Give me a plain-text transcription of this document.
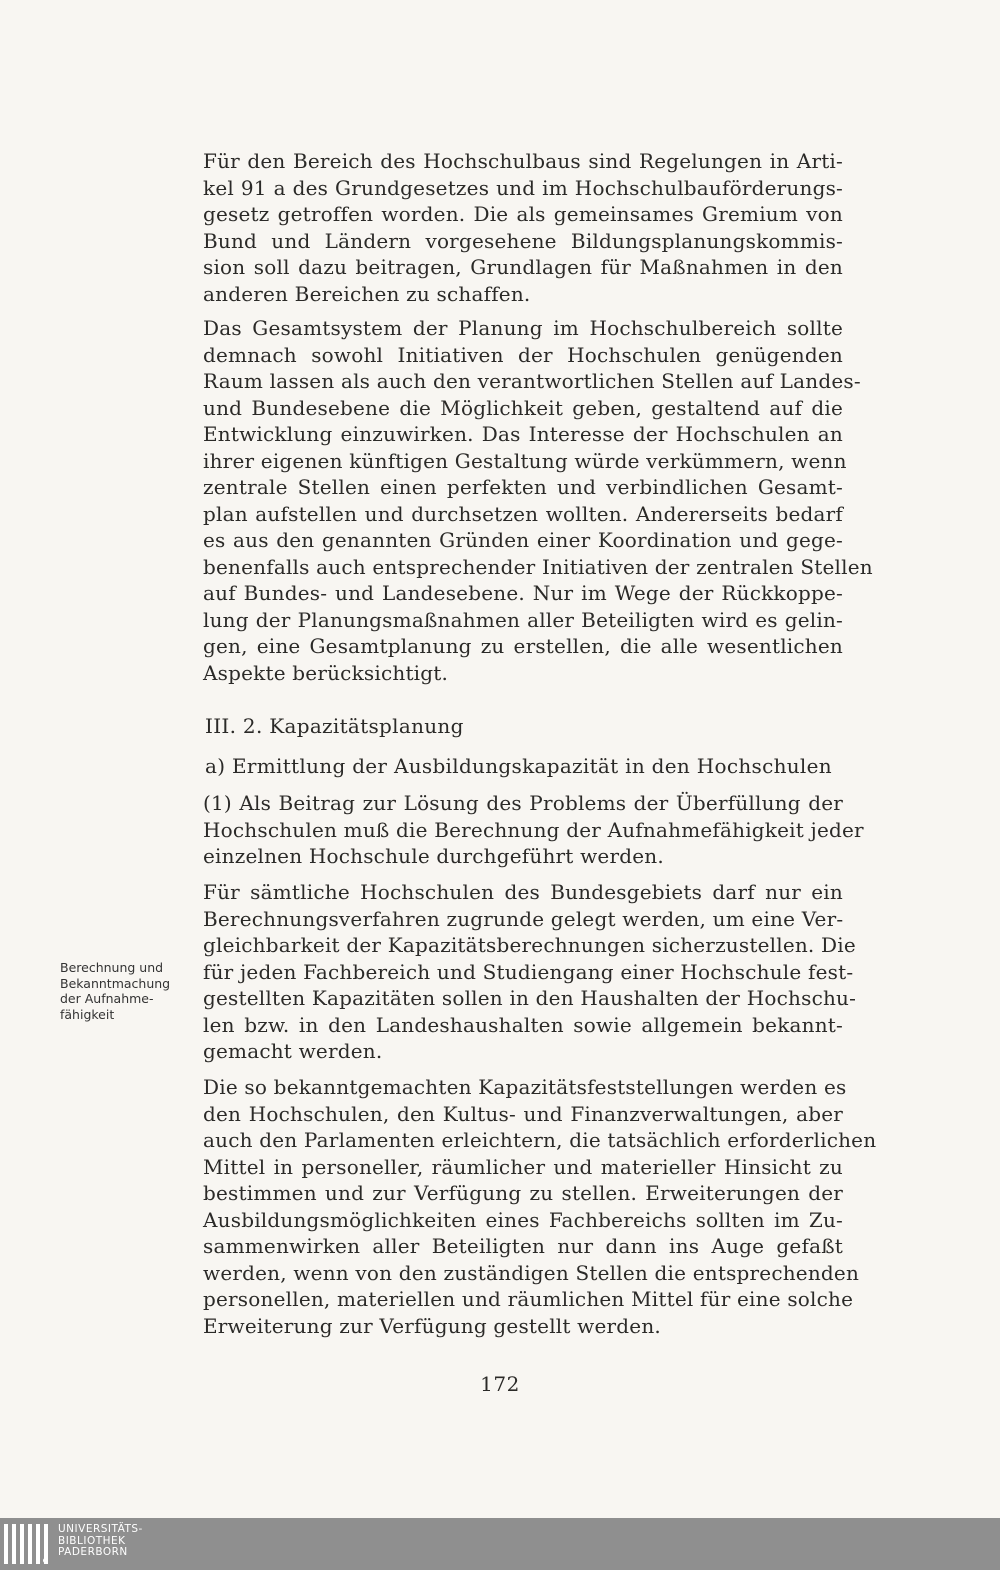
Für den Bereich des Hochschulbaus sind Regelungen in Arti-
kel 91 a des Grundgesetzes und im Hochschulbauförderungs-
gesetz getroffen worden. Die als gemeinsames Gremium von
Bund und Ländern vorgesehene Bildungsplanungskommis-
sion soll dazu beitragen, Grundlagen für Maßnahmen in den
anderen Bereichen zu schaffen.
Das Gesamtsystem der Planung im Hochschulbereich sollte
demnach sowohl Initiativen der Hochschulen genügenden
Raum lassen als auch den verantwortlichen Stellen auf Landes-
und Bundesebene die Möglichkeit geben, gestaltend auf die
Entwicklung einzuwirken. Das Interesse der Hochschulen an
ihrer eigenen künftigen Gestaltung würde verkümmern, wenn
zentrale Stellen einen perfekten und verbindlichen Gesamt-
plan aufstellen und durchsetzen wollten. Andererseits bedarf
es aus den genannten Gründen einer Koordination und gege-
benenfalls auch entsprechender Initiativen der zentralen Stellen
auf Bundes- und Landesebene. Nur im Wege der Rückkoppe-
lung der Planungsmaßnahmen aller Beteiligten wird es gelin-
gen, eine Gesamtplanung zu erstellen, die alle wesentlichen
Aspekte berücksichtigt.
III. 2. Kapazitätsplanung
a) Ermittlung der Ausbildungskapazität in den Hochschulen
(1) Als Beitrag zur Lösung des Problems der Überfüllung der
Hochschulen muß die Berechnung der Aufnahmefähigkeit jeder
einzelnen Hochschule durchgeführt werden.
Für sämtliche Hochschulen des Bundesgebiets darf nur ein
Berechnungsverfahren zugrunde gelegt werden, um eine Ver-
gleichbarkeit der Kapazitätsberechnungen sicherzustellen. Die
für jeden Fachbereich und Studiengang einer Hochschule fest-
gestellten Kapazitäten sollen in den Haushalten der Hochschu-
len bzw. in den Landeshaushalten sowie allgemein bekannt-
gemacht werden.
Berechnung und
Bekanntmachung
der Aufnahme-
fähigkeit
Die so bekanntgemachten Kapazitätsfeststellungen werden es
den Hochschulen, den Kultus- und Finanzverwaltungen, aber
auch den Parlamenten erleichtern, die tatsächlich erforderlichen
Mittel in personeller, räumlicher und materieller Hinsicht zu
bestimmen und zur Verfügung zu stellen. Erweiterungen der
Ausbildungsmöglichkeiten eines Fachbereichs sollten im Zu-
sammenwirken aller Beteiligten nur dann ins Auge gefaßt
werden, wenn von den zuständigen Stellen die entsprechenden
personellen, materiellen und räumlichen Mittel für eine solche
Erweiterung zur Verfügung gestellt werden.
172
UNIVERSITÄTS-
BIBLIOTHEK
PADERBORN
